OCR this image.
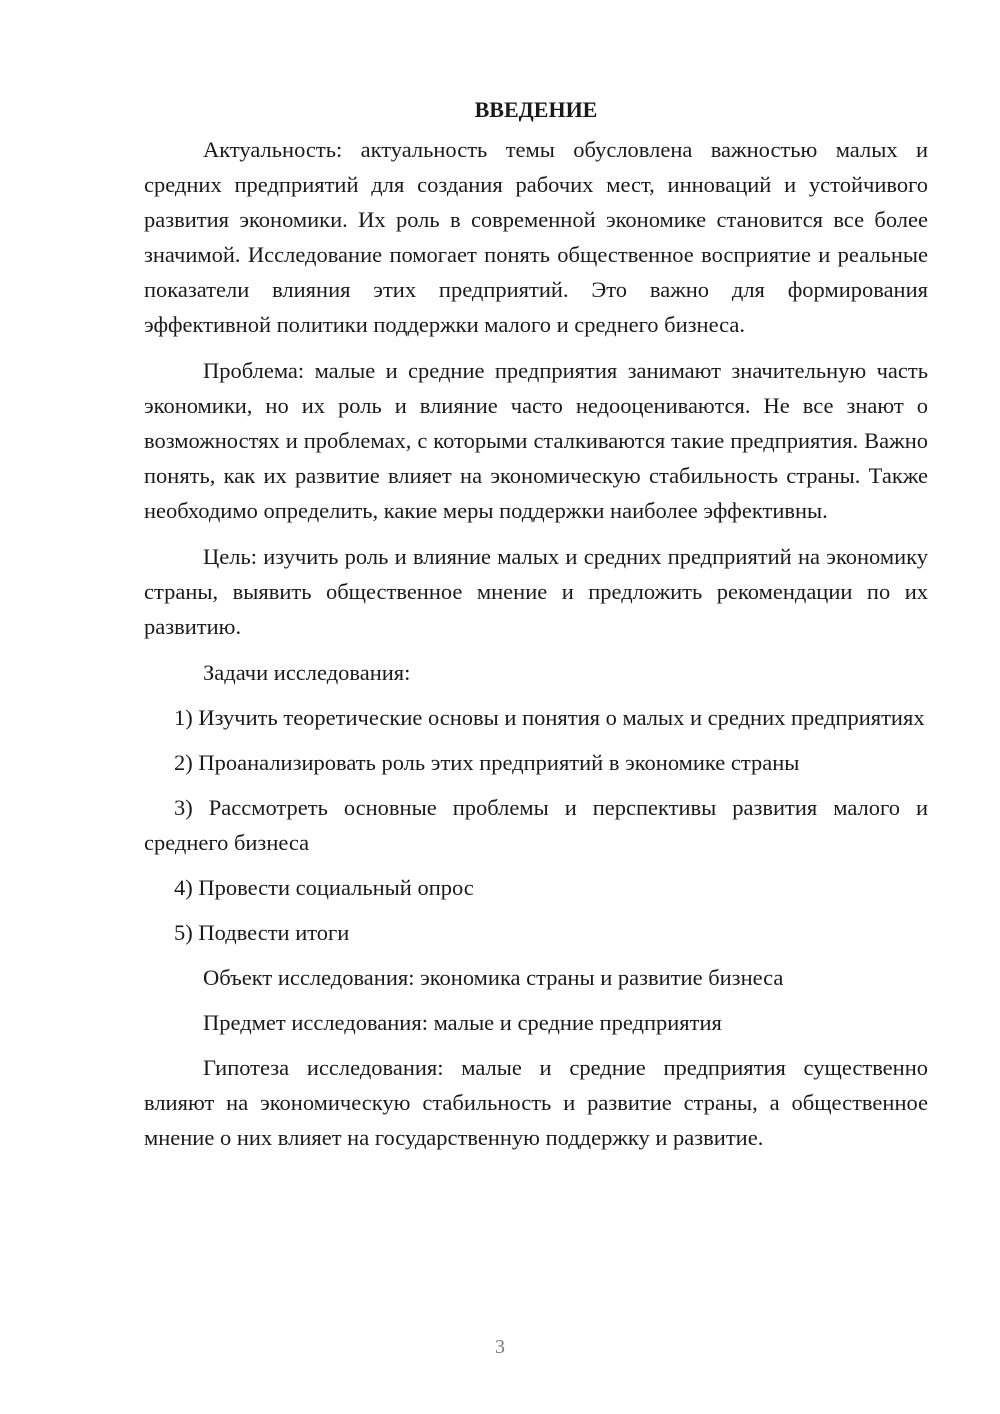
ВВЕДЕНИЕ

Актуальность: актуальность темы обусловлена важностью малых и средних предприятий для создания рабочих мест, инноваций и устойчивого развития экономики. Их роль в современной экономике становится все более значимой. Исследование помогает понять общественное восприятие и реальные показатели влияния этих предприятий. Это важно для формирования эффективной политики поддержки малого и среднего бизнеса.

Проблема: малые и средние предприятия занимают значительную часть экономики, но их роль и влияние часто недооцениваются. Не все знают о возможностях и проблемах, с которыми сталкиваются такие предприятия. Важно понять, как их развитие влияет на экономическую стабильность страны. Также необходимо определить, какие меры поддержки наиболее эффективны.

Цель: изучить роль и влияние малых и средних предприятий на экономику страны, выявить общественное мнение и предложить рекомендации по их развитию.

Задачи исследования:

1) Изучить теоретические основы и понятия о малых и средних предприятиях

2) Проанализировать роль этих предприятий в экономике страны

3) Рассмотреть основные проблемы и перспективы развития малого и среднего бизнеса

4) Провести социальный опрос

5) Подвести итоги

Объект исследования: экономика страны и развитие бизнеса

Предмет исследования: малые и средние предприятия

Гипотеза исследования: малые и средние предприятия существенно влияют на экономическую стабильность и развитие страны, а общественное мнение о них влияет на государственную поддержку и развитие.

3
